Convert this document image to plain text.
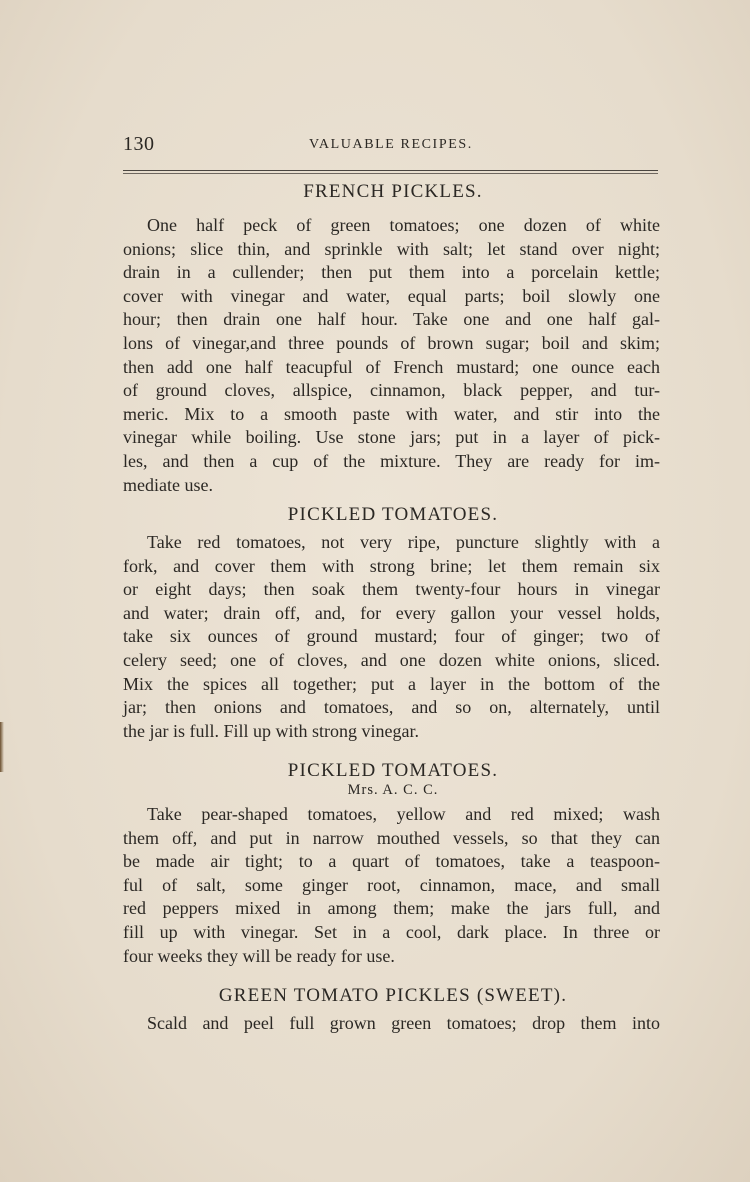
130	VALUABLE RECIPES.
FRENCH PICKLES.
One half peck of green tomatoes; one dozen of white
onions; slice thin, and sprinkle with salt; let stand over night;
drain in a cullender; then put them into a porcelain kettle;
cover with vinegar and water, equal parts; boil slowly one
hour; then drain one half hour. Take one and one half gal-
lons of vinegar,and three pounds of brown sugar; boil and skim;
then add one half teacupful of French mustard; one ounce each
of ground cloves, allspice, cinnamon, black pepper, and tur-
meric. Mix to a smooth paste with water, and stir into the
vinegar while boiling. Use stone jars; put in a layer of pick-
les, and then a cup of the mixture. They are ready for im-
mediate use.
PICKLED TOMATOES.
Take red tomatoes, not very ripe, puncture slightly with a
fork, and cover them with strong brine; let them remain six
or eight days; then soak them twenty-four hours in vinegar
and water; drain off, and, for every gallon your vessel holds,
take six ounces of ground mustard; four of ginger; two of
celery seed; one of cloves, and one dozen white onions, sliced.
Mix the spices all together; put a layer in the bottom of the
jar; then onions and tomatoes, and so on, alternately, until
the jar is full. Fill up with strong vinegar.
PICKLED TOMATOES.
Mrs. A. C. C.
Take pear-shaped tomatoes, yellow and red mixed; wash
them off, and put in narrow mouthed vessels, so that they can
be made air tight; to a quart of tomatoes, take a teaspoon-
ful of salt, some ginger root, cinnamon, mace, and small
red peppers mixed in among them; make the jars full, and
fill up with vinegar. Set in a cool, dark place. In three or
four weeks they will be ready for use.
GREEN TOMATO PICKLES (SWEET).
Scald and peel full grown green tomatoes; drop them into
